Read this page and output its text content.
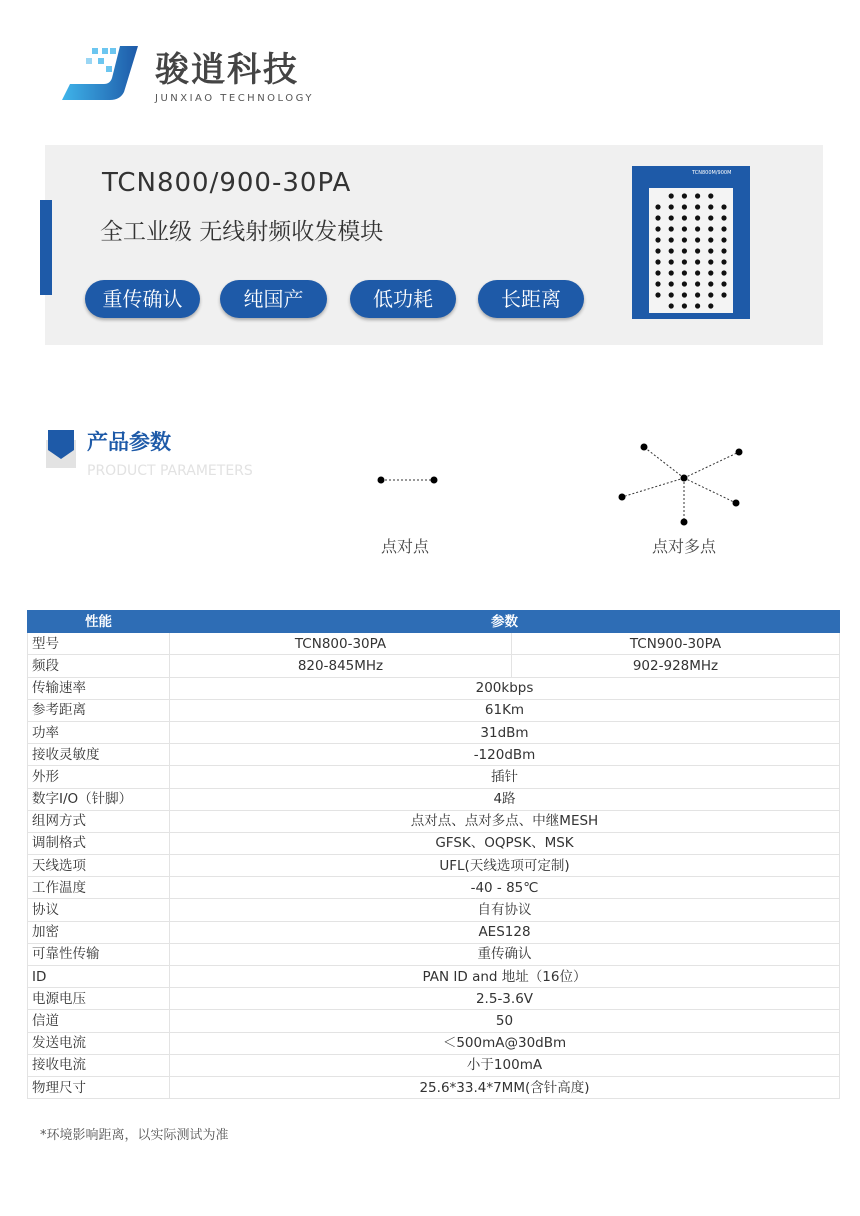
骏逍科技
JUNXIAO TECHNOLOGY
TCN800/900-30PA
全工业级 无线射频收发模块
重传确认	纯国产	低功耗	长距离
TCN800M/900M
产品参数
PRODUCT PARAMETERS
点对点	点对多点
性能	参数	
型号	TCN800-30PA	TCN900-30PA
频段	820-845MHz	902-928MHz
传输速率	200kbps	
参考距离	61Km	
功率	31dBm	
接收灵敏度	-120dBm	
外形	插针	
数字I/O（针脚）	4路	
组网方式	点对点、点对多点、中继MESH	
调制格式	GFSK、OQPSK、MSK	
天线选项	UFL(天线选项可定制)	
工作温度	-40 - 85℃	
协议	自有协议	
加密	AES128	
可靠性传输	重传确认	
ID	PAN ID and 地址（16位）	
电源电压	2.5-3.6V	
信道	50	
发送电流	＜500mA@30dBm	
接收电流	小于100mA	
物理尺寸	25.6*33.4*7MM(含针高度)	
*环境影响距离，以实际测试为准
